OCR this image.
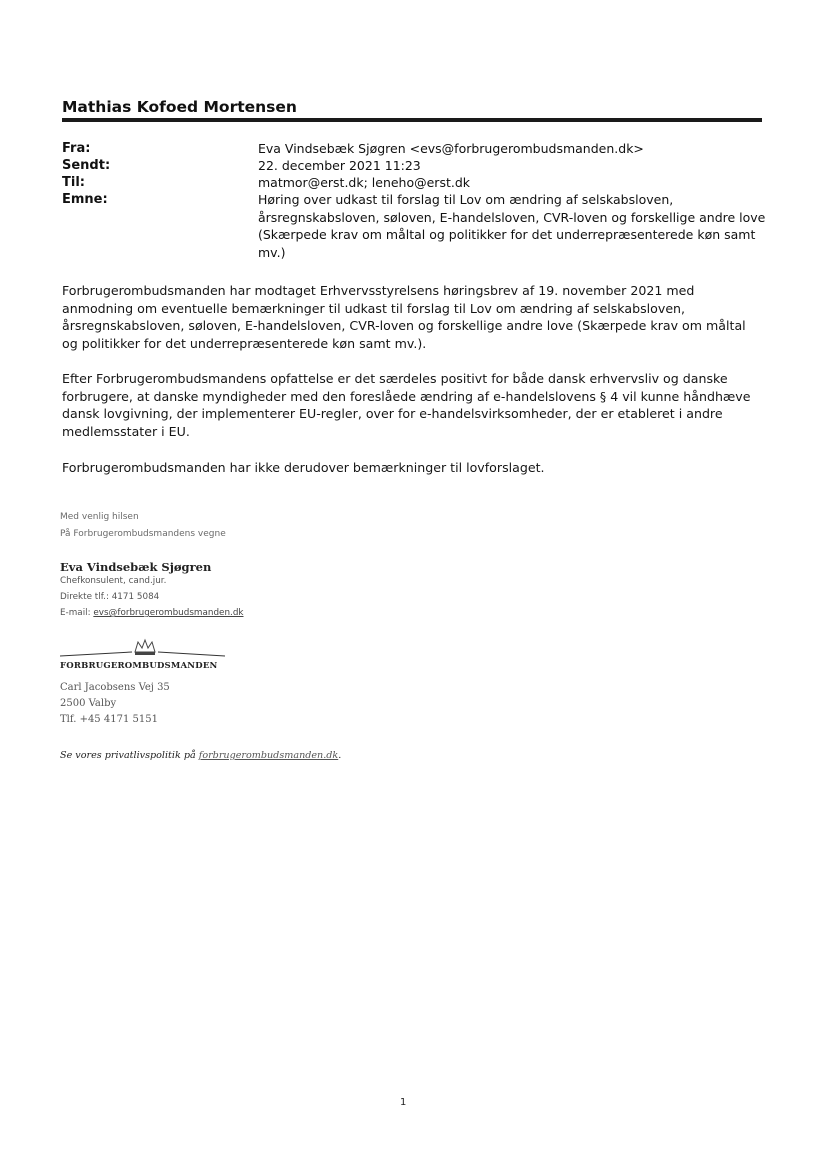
Mathias Kofoed Mortensen
Fra:	Eva Vindsebæk Sjøgren <evs@forbrugerombudsmanden.dk>
Sendt:	22. december 2021 11:23
Til:	matmor@erst.dk; leneho@erst.dk
Emne:	Høring over udkast til forslag til Lov om ændring af selskabsloven, årsregnskabsloven, søloven, E-handelsloven, CVR-loven og forskellige andre love (Skærpede krav om måltal og politikker for det underrepræsenterede køn samt mv.)
Forbrugerombudsmanden har modtaget Erhvervsstyrelsens høringsbrev af 19. november 2021 med anmodning om eventuelle bemærkninger til udkast til forslag til Lov om ændring af selskabsloven, årsregnskabsloven, søloven, E-handelsloven, CVR-loven og forskellige andre love (Skærpede krav om måltal og politikker for det underrepræsenterede køn samt mv.).
Efter Forbrugerombudsmandens opfattelse er det særdeles positivt for både dansk erhvervsliv og danske forbrugere, at danske myndigheder med den foreslåede ændring af e-handelslovens § 4 vil kunne håndhæve dansk lovgivning, der implementerer EU-regler, over for e-handelsvirksomheder, der er etableret i andre medlemsstater i EU.
Forbrugerombudsmanden har ikke derudover bemærkninger til lovforslaget.
Med venlig hilsen
På Forbrugerombudsmandens vegne
Eva Vindsebæk Sjøgren
Chefkonsulent, cand.jur.
Direkte tlf.: 4171 5084
E-mail: evs@forbrugerombudsmanden.dk
FORBRUGEROMBUDSMANDEN
Carl Jacobsens Vej 35
2500 Valby
Tlf. +45 4171 5151
Se vores privatlivspolitik på forbrugerombudsmanden.dk.
1
